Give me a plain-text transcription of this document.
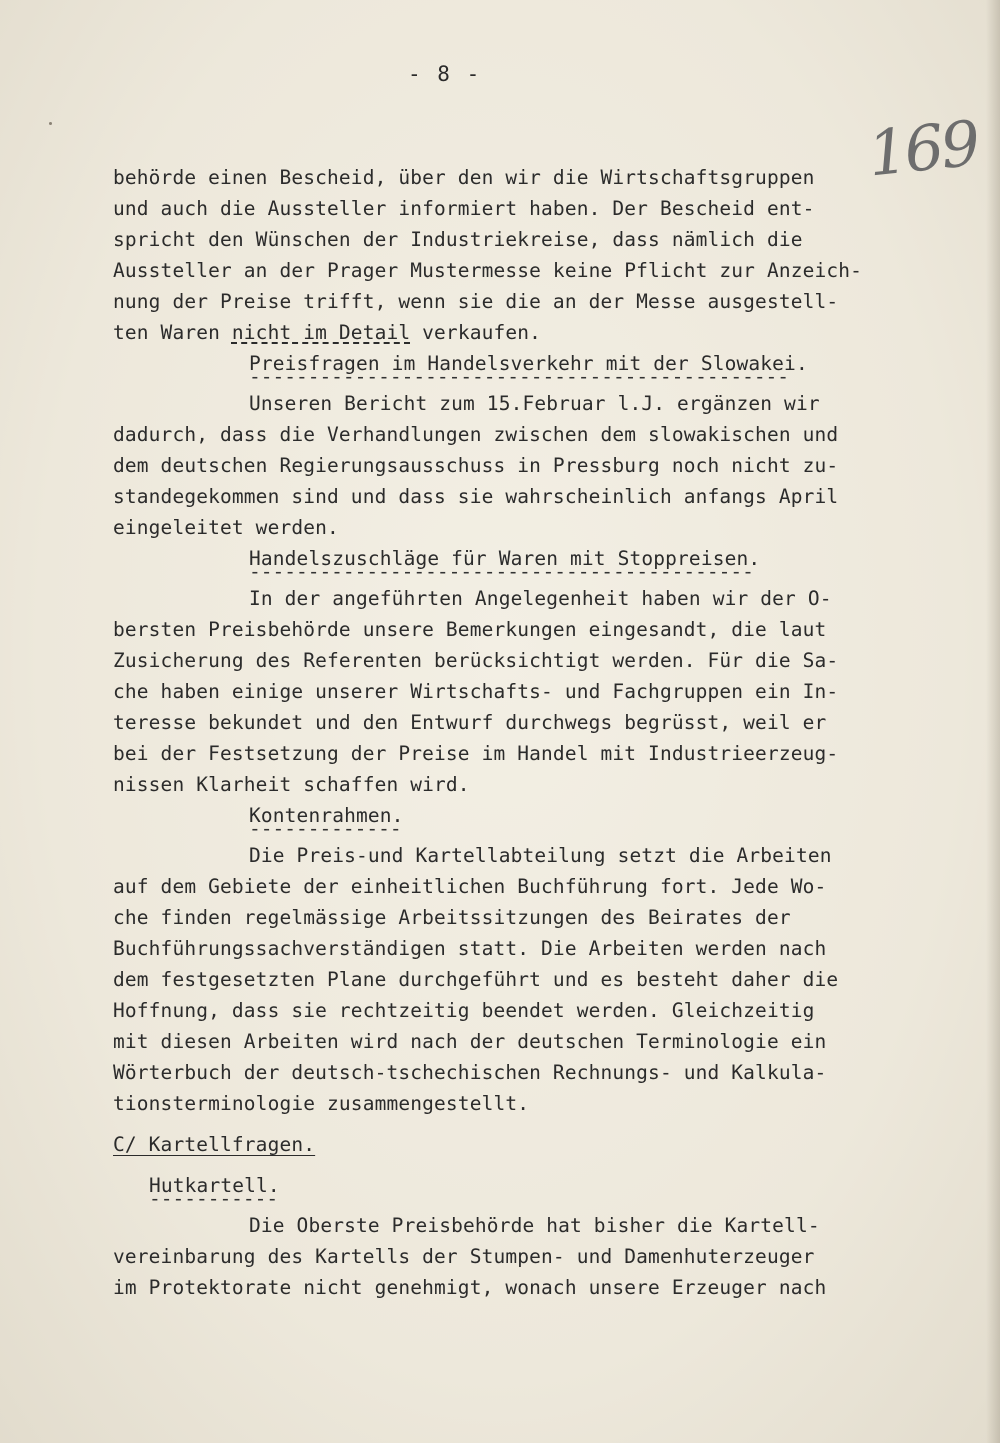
- 8 -
169
behörde einen Bescheid, über den wir die Wirtschaftsgruppen
und auch die Aussteller informiert haben. Der Bescheid ent-
spricht den Wünschen der Industriekreise, dass nämlich die
Aussteller an der Prager Mustermesse keine Pflicht zur Anzeich-
nung der Preise trifft, wenn sie die an der Messe ausgestell-
ten Waren nicht im Detail verkaufen.
Preisfragen im Handelsverkehr mit der Slowakei.
Unseren Bericht zum 15.Februar l.J. ergänzen wir
dadurch, dass die Verhandlungen zwischen dem slowakischen und
dem deutschen Regierungsausschuss in Pressburg noch nicht zu-
standegekommen sind und dass sie wahrscheinlich anfangs April
eingeleitet werden.
Handelszuschläge für Waren mit Stoppreisen.
In der angeführten Angelegenheit haben wir der O-
bersten Preisbehörde unsere Bemerkungen eingesandt, die laut
Zusicherung des Referenten berücksichtigt werden. Für die Sa-
che haben einige unserer Wirtschafts- und Fachgruppen ein In-
teresse bekundet und den Entwurf durchwegs begrüsst, weil er
bei der Festsetzung der Preise im Handel mit Industrieerzeug-
nissen Klarheit schaffen wird.
Kontenrahmen.
Die Preis-und Kartellabteilung setzt die Arbeiten
auf dem Gebiete der einheitlichen Buchführung fort. Jede Wo-
che finden regelmässige Arbeitssitzungen des Beirates der
Buchführungssachverständigen statt. Die Arbeiten werden nach
dem festgesetzten Plane durchgeführt und es besteht daher die
Hoffnung, dass sie rechtzeitig beendet werden. Gleichzeitig
mit diesen Arbeiten wird nach der deutschen Terminologie ein
Wörterbuch der deutsch-tschechischen Rechnungs- und Kalkula-
tionsterminologie zusammengestellt.
C/ Kartellfragen.
Hutkartell.
Die Oberste Preisbehörde hat bisher die Kartell-
vereinbarung des Kartells der Stumpen- und Damenhuterzeuger
im Protektorate nicht genehmigt, wonach unsere Erzeuger nach
